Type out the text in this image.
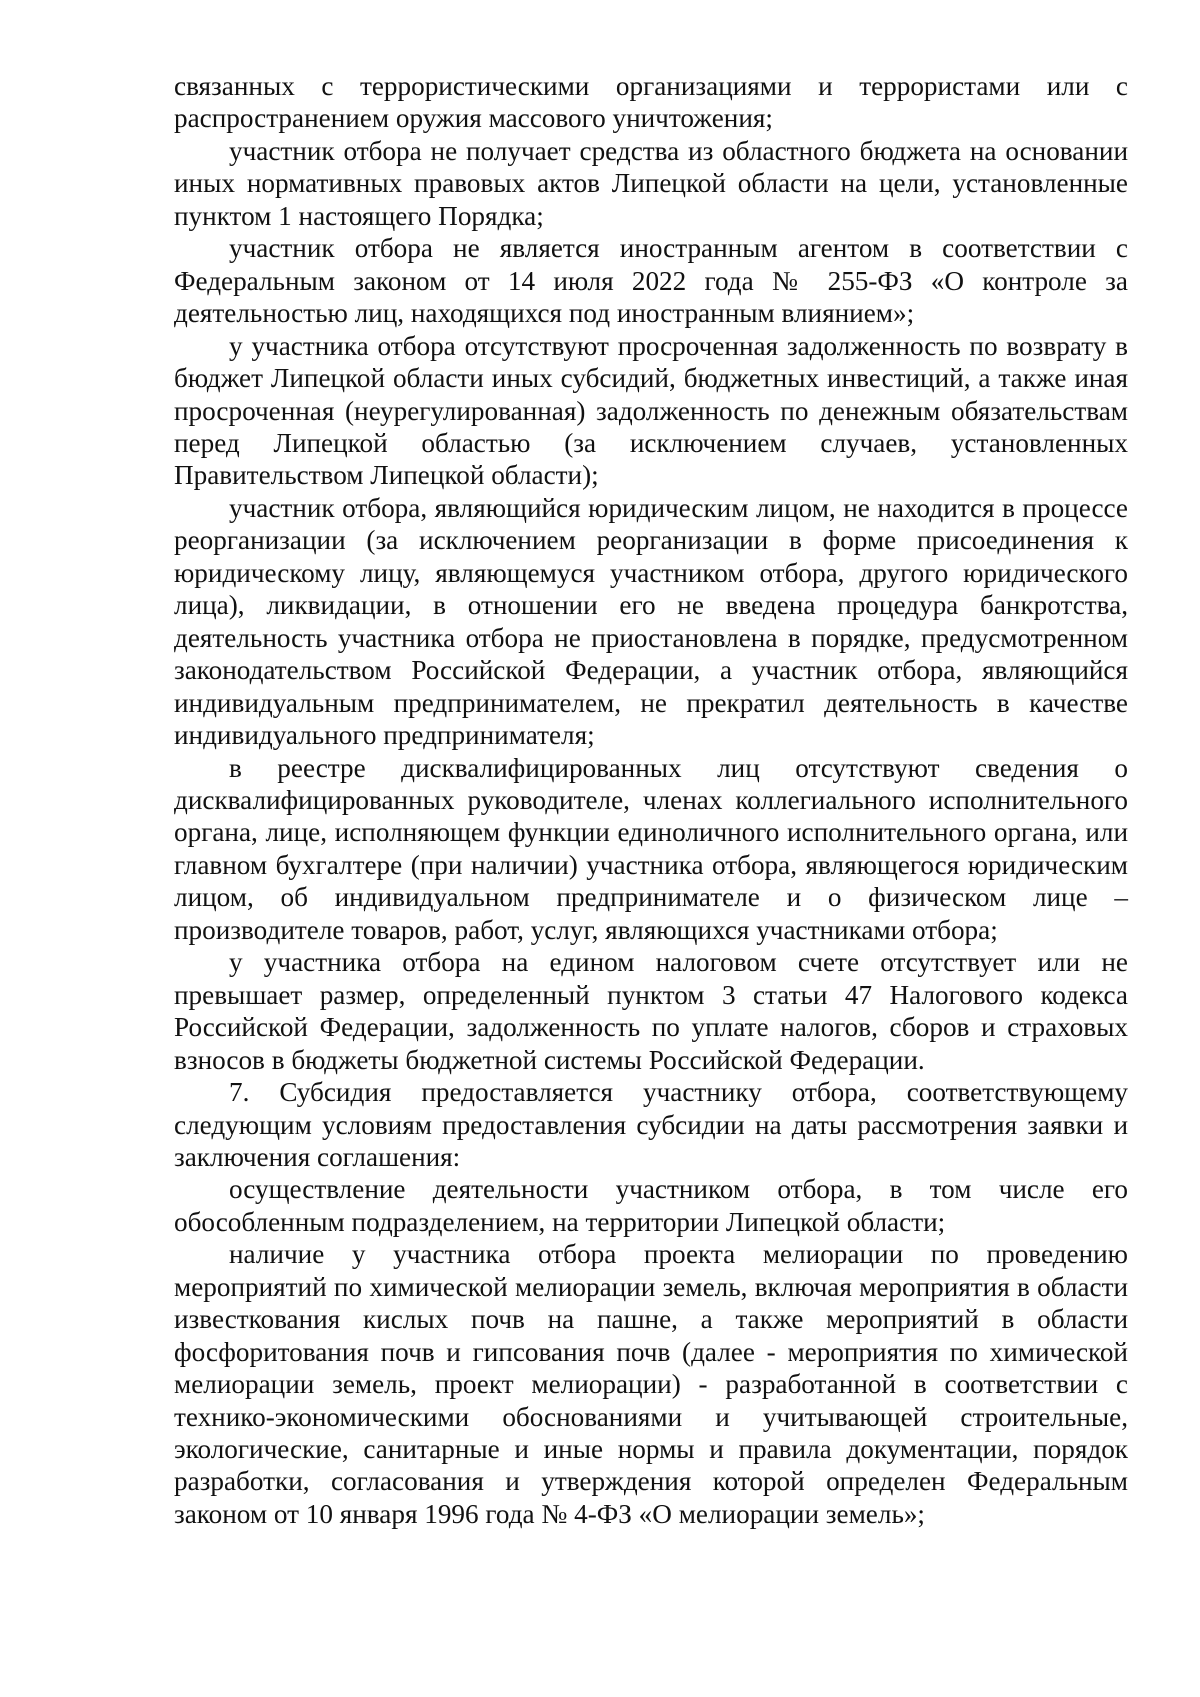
связанных с террористическими организациями и террористами или с распространением оружия массового уничтожения;

участник отбора не получает средства из областного бюджета на основании иных нормативных правовых актов Липецкой области на цели, установленные пунктом 1 настоящего Порядка;

участник отбора не является иностранным агентом в соответствии с Федеральным законом от 14 июля 2022 года № 255-ФЗ «О контроле за деятельностью лиц, находящихся под иностранным влиянием»;

у участника отбора отсутствуют просроченная задолженность по возврату в бюджет Липецкой области иных субсидий, бюджетных инвестиций, а также иная просроченная (неурегулированная) задолженность по денежным обязательствам перед Липецкой областью (за исключением случаев, установленных Правительством Липецкой области);

участник отбора, являющийся юридическим лицом, не находится в процессе реорганизации (за исключением реорганизации в форме присоединения к юридическому лицу, являющемуся участником отбора, другого юридического лица), ликвидации, в отношении его не введена процедура банкротства, деятельность участника отбора не приостановлена в порядке, предусмотренном законодательством Российской Федерации, а участник отбора, являющийся индивидуальным предпринимателем, не прекратил деятельность в качестве индивидуального предпринимателя;

в реестре дисквалифицированных лиц отсутствуют сведения о дисквалифицированных руководителе, членах коллегиального исполнительного органа, лице, исполняющем функции единоличного исполнительного органа, или главном бухгалтере (при наличии) участника отбора, являющегося юридическим лицом, об индивидуальном предпринимателе и о физическом лице – производителе товаров, работ, услуг, являющихся участниками отбора;

у участника отбора на едином налоговом счете отсутствует или не превышает размер, определенный пунктом 3 статьи 47 Налогового кодекса Российской Федерации, задолженность по уплате налогов, сборов и страховых взносов в бюджеты бюджетной системы Российской Федерации.

7. Субсидия предоставляется участнику отбора, соответствующему следующим условиям предоставления субсидии на даты рассмотрения заявки и заключения соглашения:

осуществление деятельности участником отбора, в том числе его обособленным подразделением, на территории Липецкой области;

наличие у участника отбора проекта мелиорации по проведению мероприятий по химической мелиорации земель, включая мероприятия в области известкования кислых почв на пашне, а также мероприятий в области фосфоритования почв и гипсования почв (далее - мероприятия по химической мелиорации земель, проект мелиорации) - разработанной в соответствии с технико-экономическими обоснованиями и учитывающей строительные, экологические, санитарные и иные нормы и правила документации, порядок разработки, согласования и утверждения которой определен Федеральным законом от 10 января 1996 года № 4-ФЗ «О мелиорации земель»;
